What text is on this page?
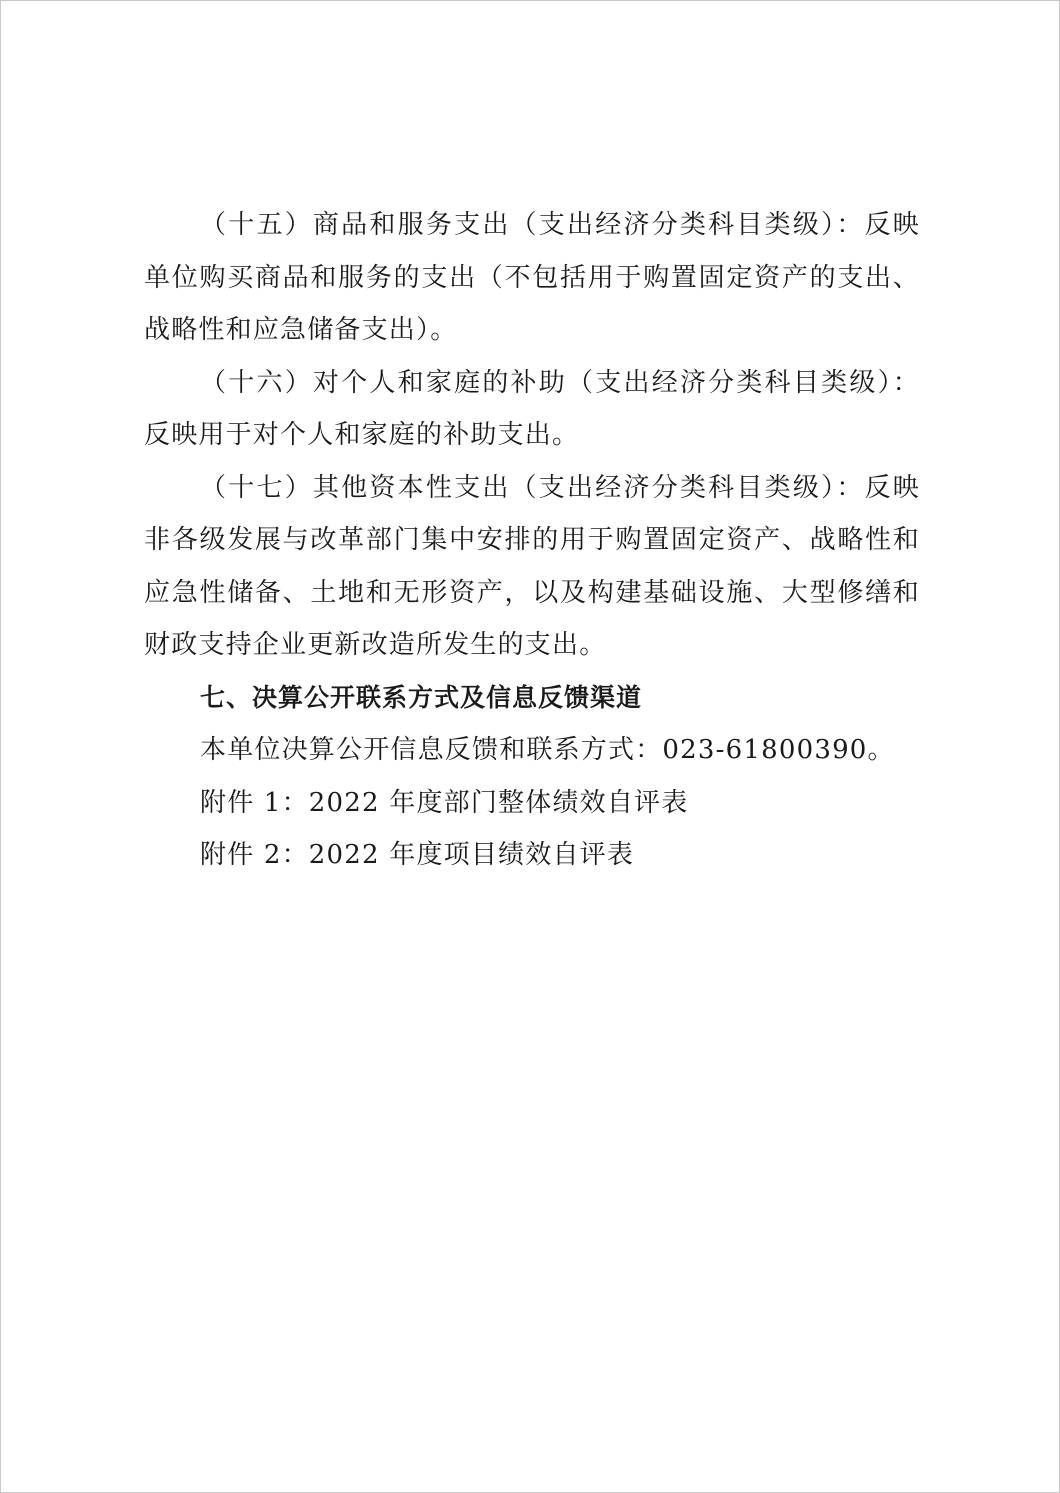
（十五）商品和服务支出（支出经济分类科目类级）：反映单位购买商品和服务的支出（不包括用于购置固定资产的支出、战略性和应急储备支出）。

（十六）对个人和家庭的补助（支出经济分类科目类级）：反映用于对个人和家庭的补助支出。

（十七）其他资本性支出（支出经济分类科目类级）：反映非各级发展与改革部门集中安排的用于购置固定资产、战略性和应急性储备、土地和无形资产，以及构建基础设施、大型修缮和财政支持企业更新改造所发生的支出。

七、决算公开联系方式及信息反馈渠道

本单位决算公开信息反馈和联系方式：023-61800390。

附件 1：2022 年度部门整体绩效自评表

附件 2：2022 年度项目绩效自评表
